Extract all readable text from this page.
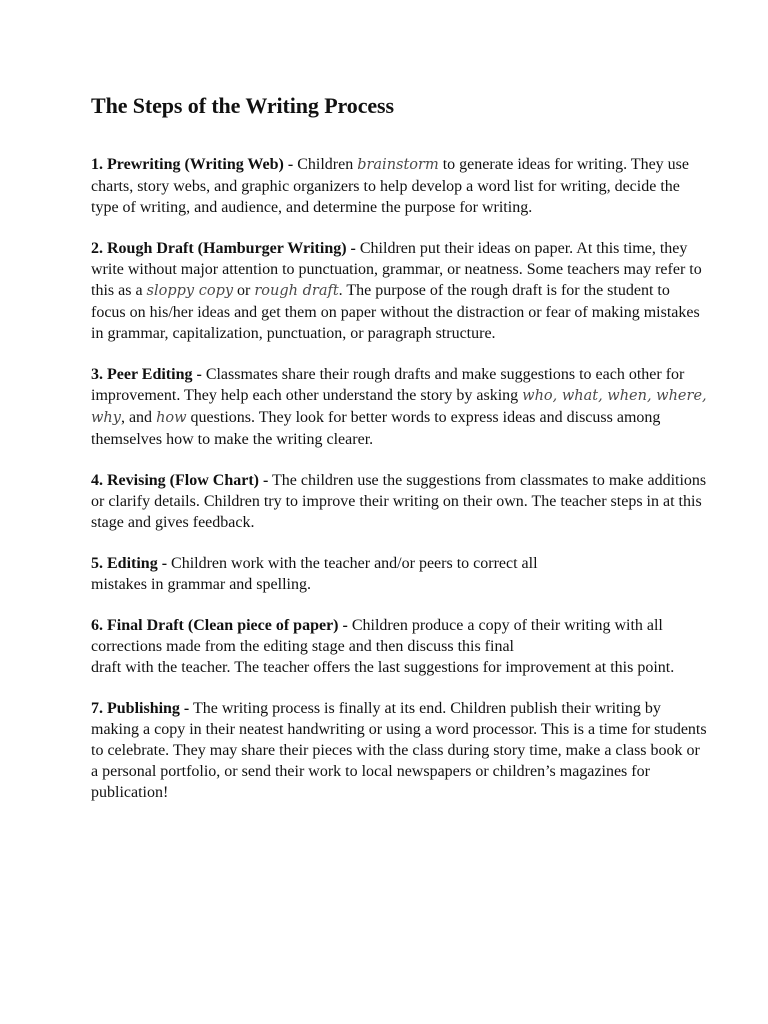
The Steps of the Writing Process

1. Prewriting (Writing Web) - Children brainstorm to generate ideas for writing. They use charts, story webs, and graphic organizers to help develop a word list for writing, decide the type of writing, and audience, and determine the purpose for writing.

2. Rough Draft (Hamburger Writing) - Children put their ideas on paper. At this time, they write without major attention to punctuation, grammar, or neatness. Some teachers may refer to this as a sloppy copy or rough draft. The purpose of the rough draft is for the student to focus on his/her ideas and get them on paper without the distraction or fear of making mistakes in grammar, capitalization, punctuation, or paragraph structure.

3. Peer Editing - Classmates share their rough drafts and make suggestions to each other for improvement. They help each other understand the story by asking who, what, when, where, why, and how questions. They look for better words to express ideas and discuss among themselves how to make the writing clearer.

4. Revising (Flow Chart) - The children use the suggestions from classmates to make additions or clarify details. Children try to improve their writing on their own. The teacher steps in at this stage and gives feedback.

5. Editing - Children work with the teacher and/or peers to correct all
mistakes in grammar and spelling.

6. Final Draft (Clean piece of paper) - Children produce a copy of their writing with all corrections made from the editing stage and then discuss this final
draft with the teacher. The teacher offers the last suggestions for improvement at this point.

7. Publishing - The writing process is finally at its end. Children publish their writing by making a copy in their neatest handwriting or using a word processor. This is a time for students to celebrate. They may share their pieces with the class during story time, make a class book or a personal portfolio, or send their work to local newspapers or children’s magazines for publication!
